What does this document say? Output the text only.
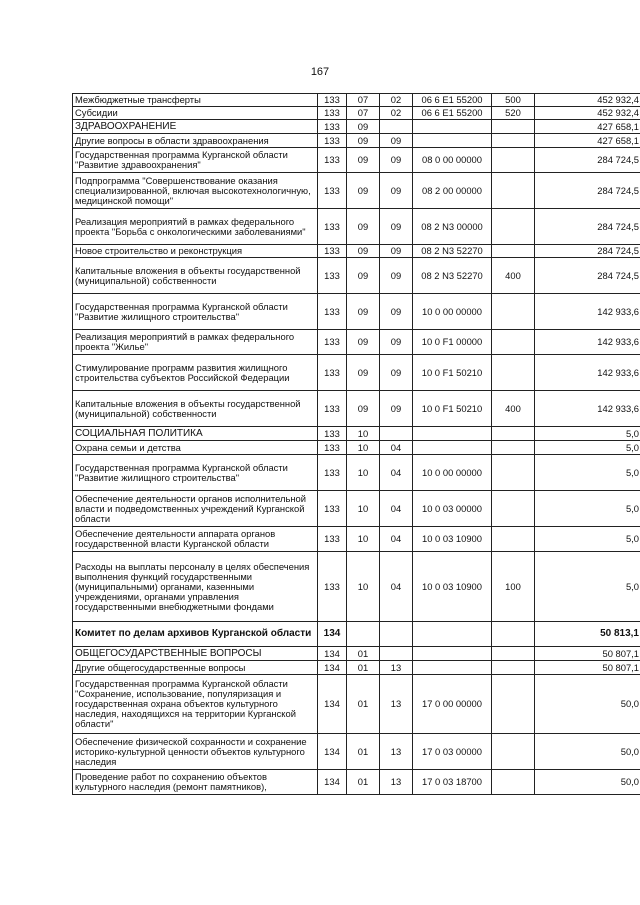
167
Межбюджетные трансферты	133	07	02	06 6 E1 55200	500	452 932,4
Субсидии	133	07	02	06 6 E1 55200	520	452 932,4
ЗДРАВООХРАНЕНИЕ	133	09				427 658,1
Другие вопросы в области здравоохранения	133	09	09			427 658,1
Государственная программа Курганской области "Развитие здравоохранения"	133	09	09	08 0 00 00000		284 724,5
Подпрограмма "Совершенствование оказания специализированной, включая высокотехнологичную, медицинской помощи"	133	09	09	08 2 00 00000		284 724,5
Реализация мероприятий в рамках федерального проекта "Борьба с онкологическими заболеваниями"	133	09	09	08 2 N3 00000		284 724,5
Новое строительство и реконструкция	133	09	09	08 2 N3 52270		284 724,5
Капитальные вложения в объекты государственной (муниципальной) собственности	133	09	09	08 2 N3 52270	400	284 724,5
Государственная программа Курганской области "Развитие жилищного строительства"	133	09	09	10 0 00 00000		142 933,6
Реализация мероприятий в рамках федерального проекта "Жилье"	133	09	09	10 0 F1 00000		142 933,6
Стимулирование программ развития жилищного строительства субъектов Российской Федерации	133	09	09	10 0 F1 50210		142 933,6
Капитальные вложения в объекты государственной (муниципальной) собственности	133	09	09	10 0 F1 50210	400	142 933,6
СОЦИАЛЬНАЯ ПОЛИТИКА	133	10				5,0
Охрана семьи и детства	133	10	04			5,0
Государственная программа Курганской области "Развитие жилищного строительства"	133	10	04	10 0 00 00000		5,0
Обеспечение деятельности органов исполнительной власти и подведомственных учреждений Курганской области	133	10	04	10 0 03 00000		5,0
Обеспечение деятельности аппарата органов государственной власти Курганской области	133	10	04	10 0 03 10900		5,0
Расходы на выплаты персоналу в целях обеспечения выполнения функций государственными (муниципальными) органами, казенными учреждениями, органами управления государственными внебюджетными фондами	133	10	04	10 0 03 10900	100	5,0
Комитет по делам архивов Курганской области	134					50 813,1
ОБЩЕГОСУДАРСТВЕННЫЕ ВОПРОСЫ	134	01				50 807,1
Другие общегосударственные вопросы	134	01	13			50 807,1
Государственная программа Курганской области "Сохранение, использование, популяризация и государственная охрана объектов культурного наследия, находящихся на территории Курганской области"	134	01	13	17 0 00 00000		50,0
Обеспечение физической сохранности и сохранение историко-культурной ценности объектов культурного наследия	134	01	13	17 0 03 00000		50,0
Проведение работ по сохранению объектов культурного наследия (ремонт памятников),	134	01	13	17 0 03 18700		50,0
